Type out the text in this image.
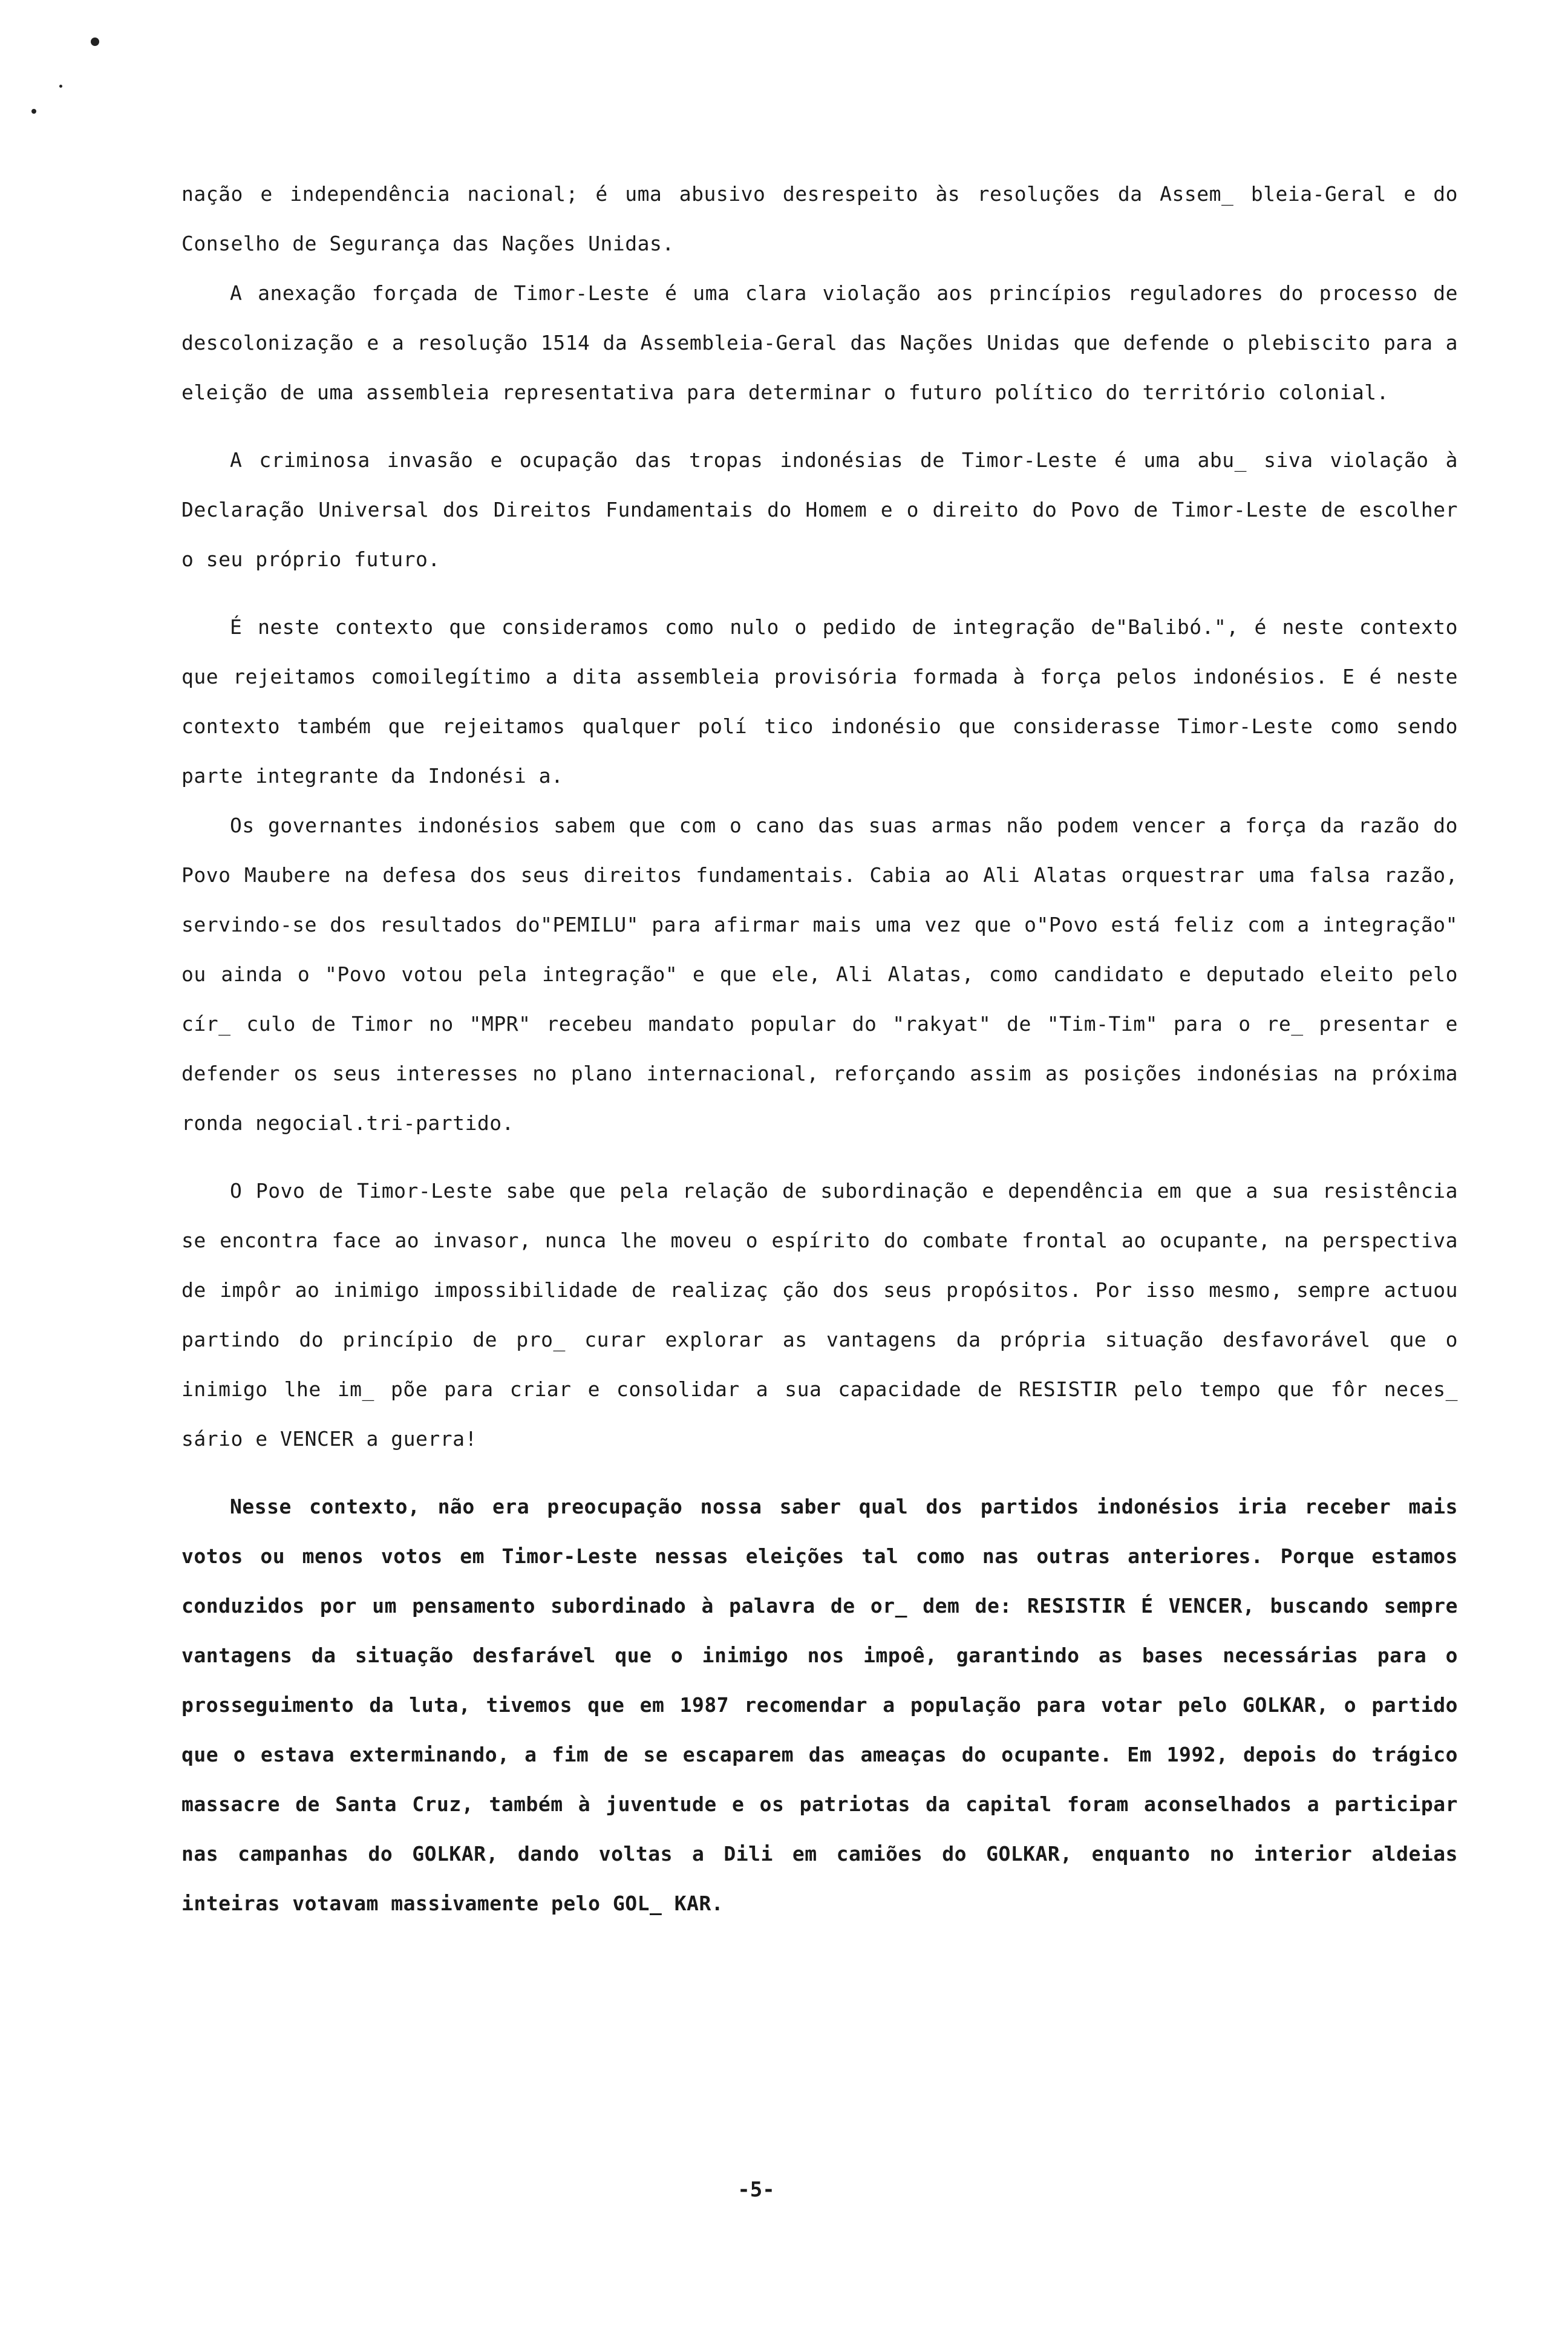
nação e independência nacional; é uma abusivo desrespeito às resoluções da Assem_ bleia-Geral e do Conselho de Segurança das Nações Unidas.

A anexação forçada de Timor-Leste é uma clara violação aos princípios reguladores do processo de descolonização e a resolução 1514 da Assembleia-Geral das Nações Unidas que defende o plebiscito para a eleição de uma assembleia representativa para determinar o futuro político do território colonial.

A criminosa invasão e ocupação das tropas indonésias de Timor-Leste é uma abu_ siva violação à Declaração Universal dos Direitos Fundamentais do Homem e o direito do Povo de Timor-Leste de escolher o seu próprio futuro.

É neste contexto que consideramos como nulo o pedido de integração de"Balibó.", é neste contexto que rejeitamos comoilegítimo a dita assembleia provisória formada à força pelos indonésios. E é neste contexto também que rejeitamos qualquer polí tico indonésio que considerasse Timor-Leste como sendo parte integrante da Indonési a.

Os governantes indonésios sabem que com o cano das suas armas não podem vencer a força da razão do Povo Maubere na defesa dos seus direitos fundamentais. Cabia ao Ali Alatas orquestrar uma falsa razão, servindo-se dos resultados do"PEMILU" para afirmar mais uma vez que o"Povo está feliz com a integração" ou ainda o "Povo votou pela integração" e que ele, Ali Alatas, como candidato e deputado eleito pelo cír_ culo de Timor no "MPR" recebeu mandato popular do "rakyat" de "Tim-Tim" para o re_ presentar e defender os seus interesses no plano internacional, reforçando assim as posições indonésias na próxima ronda negocial.tri-partido.

O Povo de Timor-Leste sabe que pela relação de subordinação e dependência em que a sua resistência se encontra face ao invasor, nunca lhe moveu o espírito do combate frontal ao ocupante, na perspectiva de impôr ao inimigo impossibilidade de realizaç ção dos seus propósitos. Por isso mesmo, sempre actuou partindo do princípio de pro_ curar explorar as vantagens da própria situação desfavorável que o inimigo lhe im_ põe para criar e consolidar a sua capacidade de RESISTIR pelo tempo que fôr neces_ sário e VENCER a guerra!

Nesse contexto, não era preocupação nossa saber qual dos partidos indonésios iria receber mais votos ou menos votos em Timor-Leste nessas eleições tal como nas outras anteriores. Porque estamos conduzidos por um pensamento subordinado à palavra de or_ dem de: RESISTIR É VENCER, buscando sempre vantagens da situação desfarável que o inimigo nos impoê, garantindo as bases necessárias para o prosseguimento da luta, tivemos que em 1987 recomendar a população para votar pelo GOLKAR, o partido que o estava exterminando, a fim de se escaparem das ameaças do ocupante. Em 1992, depois do trágico massacre de Santa Cruz, também à juventude e os patriotas da capital foram aconselhados a participar nas campanhas do GOLKAR, dando voltas a Dili em camiões do GOLKAR, enquanto no interior aldeias inteiras votavam massivamente pelo GOL_ KAR.

-5-
